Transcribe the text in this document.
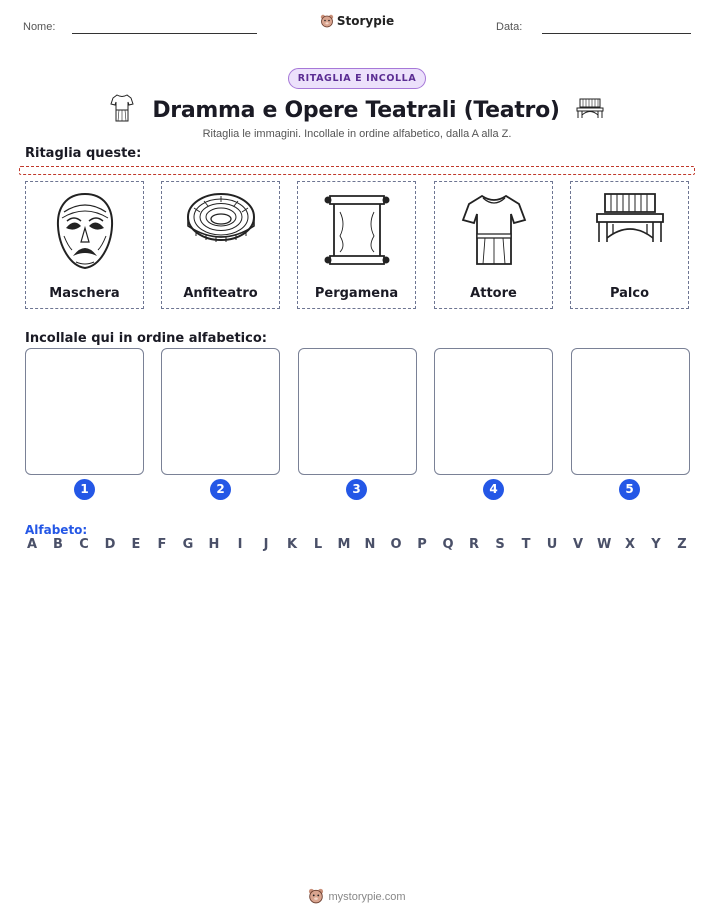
Nome:	Storypie	Data:
RITAGLIA E INCOLLA
Dramma e Opere Teatrali (Teatro)
Ritaglia le immagini. Incollale in ordine alfabetico, dalla A alla Z.
Ritaglia queste:
Maschera	Anfiteatro	Pergamena	Attore	Palco
Incollale qui in ordine alfabetico:
1	2	3	4	5
Alfabeto:
A B C D E F G H	I	J	K L M N O P Q R S T U V W X Y Z
mystorypie.com
